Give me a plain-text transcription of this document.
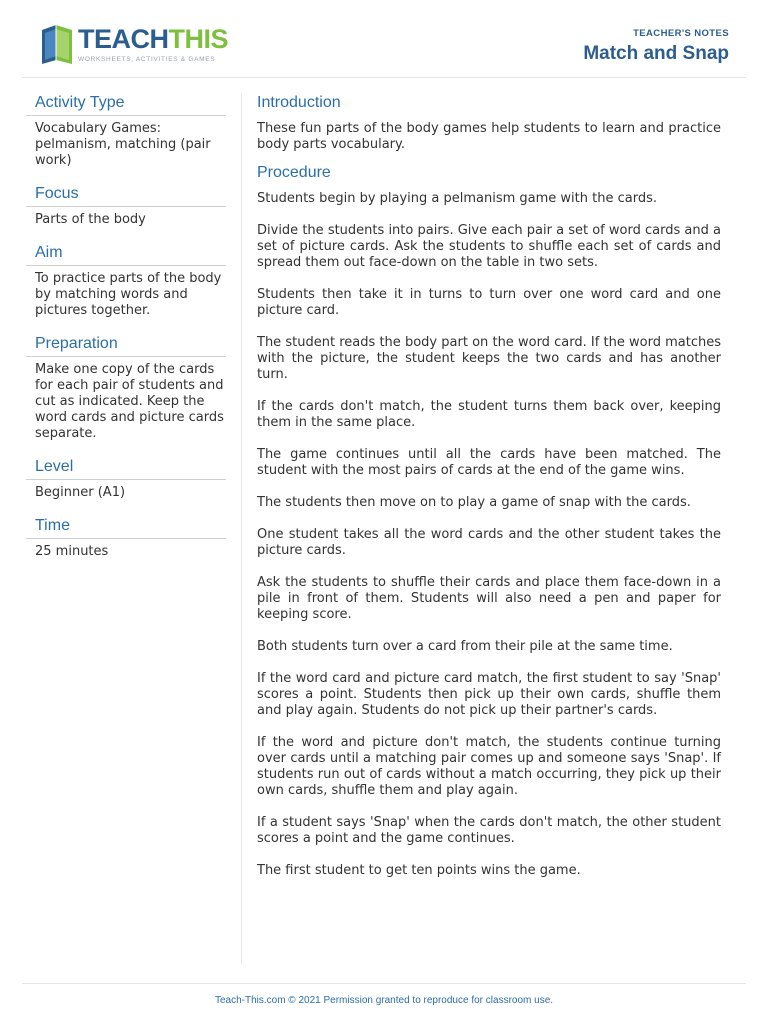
TEACHTHIS
WORKSHEETS, ACTIVITIES & GAMES
TEACHER'S NOTES
Match and Snap
Activity Type
Vocabulary Games: pelmanism, matching (pair work)
Focus
Parts of the body
Aim
To practice parts of the body by matching words and pictures together.
Preparation
Make one copy of the cards for each pair of students and cut as indicated. Keep the word cards and picture cards separate.
Level
Beginner (A1)
Time
25 minutes
Introduction

These fun parts of the body games help students to learn and practice body parts vocabulary.

Procedure

Students begin by playing a pelmanism game with the cards.

Divide the students into pairs. Give each pair a set of word cards and a set of picture cards. Ask the students to shuffle each set of cards and spread them out face-down on the table in two sets.

Students then take it in turns to turn over one word card and one picture card.

The student reads the body part on the word card. If the word matches with the picture, the student keeps the two cards and has another turn.

If the cards don't match, the student turns them back over, keeping them in the same place.

The game continues until all the cards have been matched. The student with the most pairs of cards at the end of the game wins.

The students then move on to play a game of snap with the cards.

One student takes all the word cards and the other student takes the picture cards.

Ask the students to shuffle their cards and place them face-down in a pile in front of them. Students will also need a pen and paper for keeping score.

Both students turn over a card from their pile at the same time.

If the word card and picture card match, the first student to say 'Snap' scores a point. Students then pick up their own cards, shuffle them and play again. Students do not pick up their partner's cards.

If the word and picture don't match, the students continue turning over cards until a matching pair comes up and someone says 'Snap'. If students run out of cards without a match occurring, they pick up their own cards, shuffle them and play again.

If a student says 'Snap' when the cards don't match, the other student scores a point and the game continues.

The first student to get ten points wins the game.

Teach-This.com © 2021 Permission granted to reproduce for classroom use.
